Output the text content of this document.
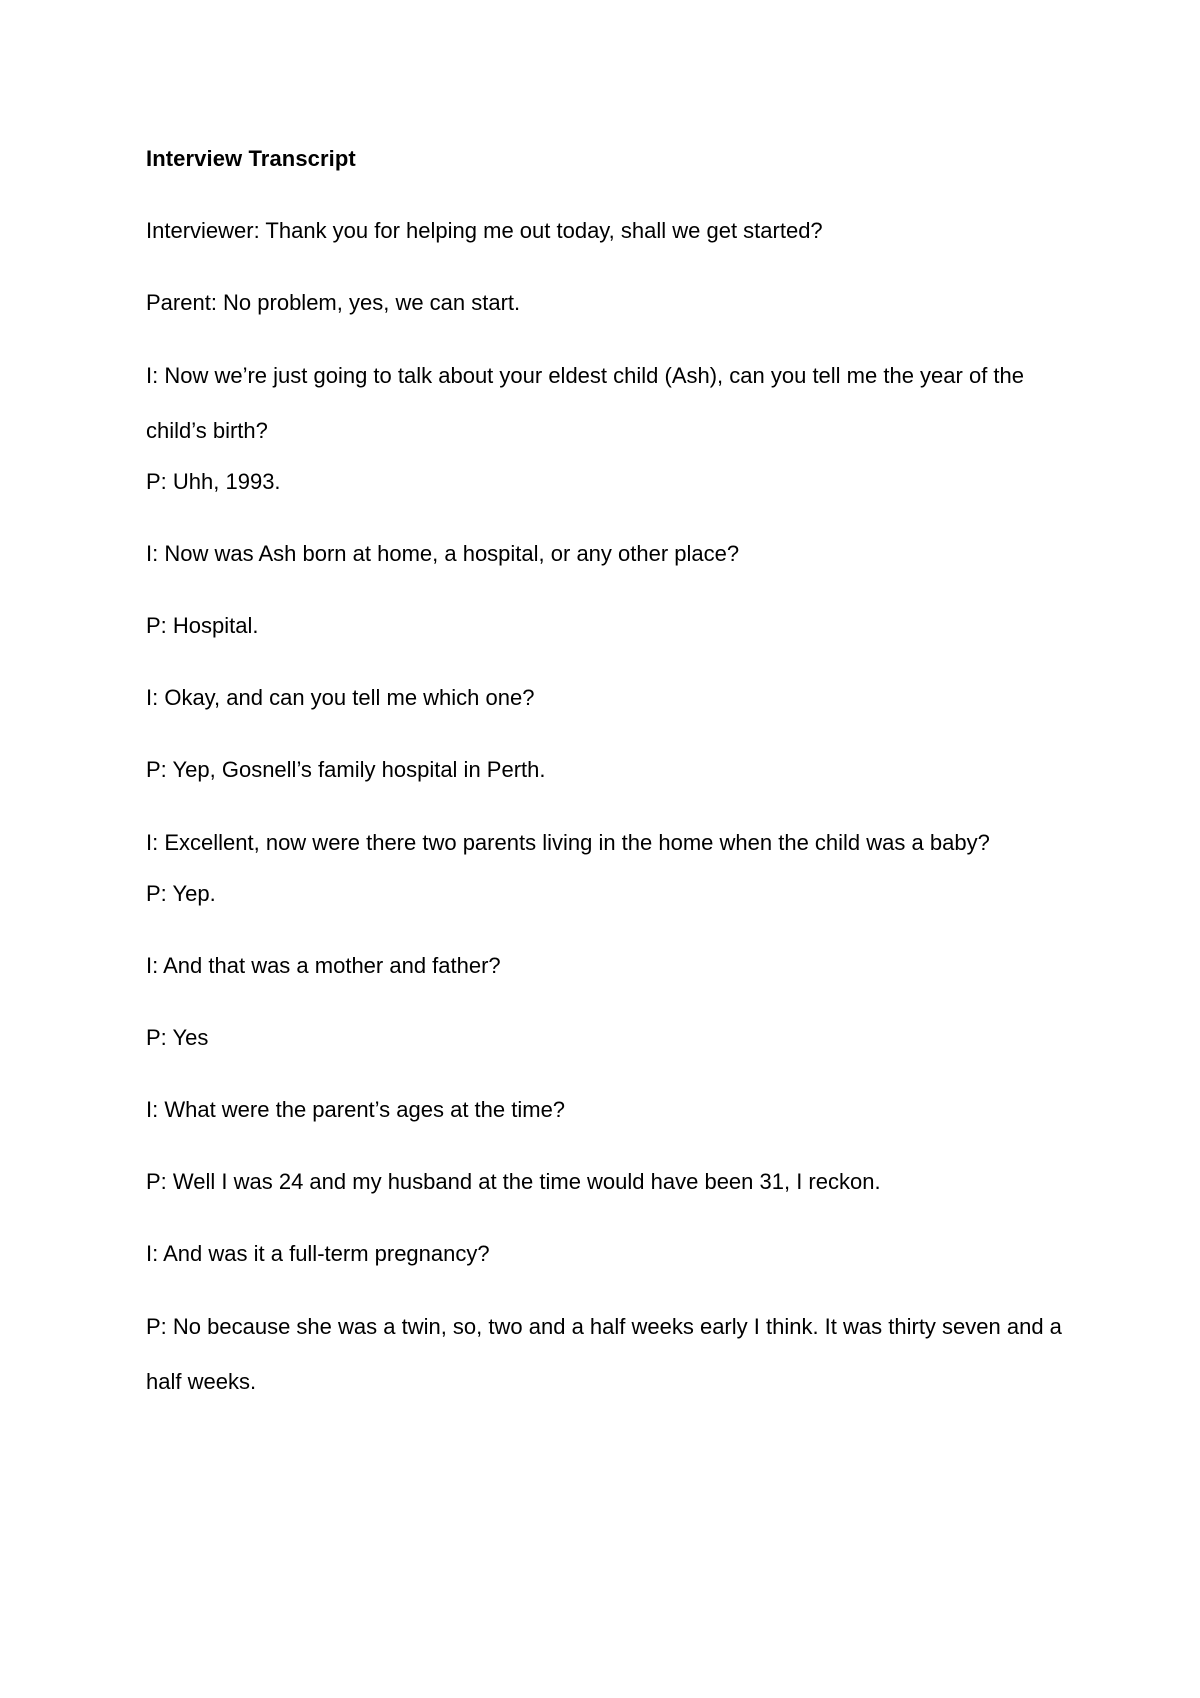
Interview Transcript
Interviewer: Thank you for helping me out today, shall we get started?
Parent: No problem, yes, we can start.
I: Now we’re just going to talk about your eldest child (Ash), can you tell me the year of the child’s birth?
P: Uhh, 1993.
I: Now was Ash born at home, a hospital, or any other place?
P: Hospital.
I: Okay, and can you tell me which one?
P: Yep, Gosnell’s family hospital in Perth.
I: Excellent, now were there two parents living in the home when the child was a baby?
P: Yep.
I: And that was a mother and father?
P: Yes
I: What were the parent’s ages at the time?
P: Well I was 24 and my husband at the time would have been 31, I reckon.
I: And was it a full-term pregnancy?
P: No because she was a twin, so, two and a half weeks early I think. It was thirty seven and a half weeks.
